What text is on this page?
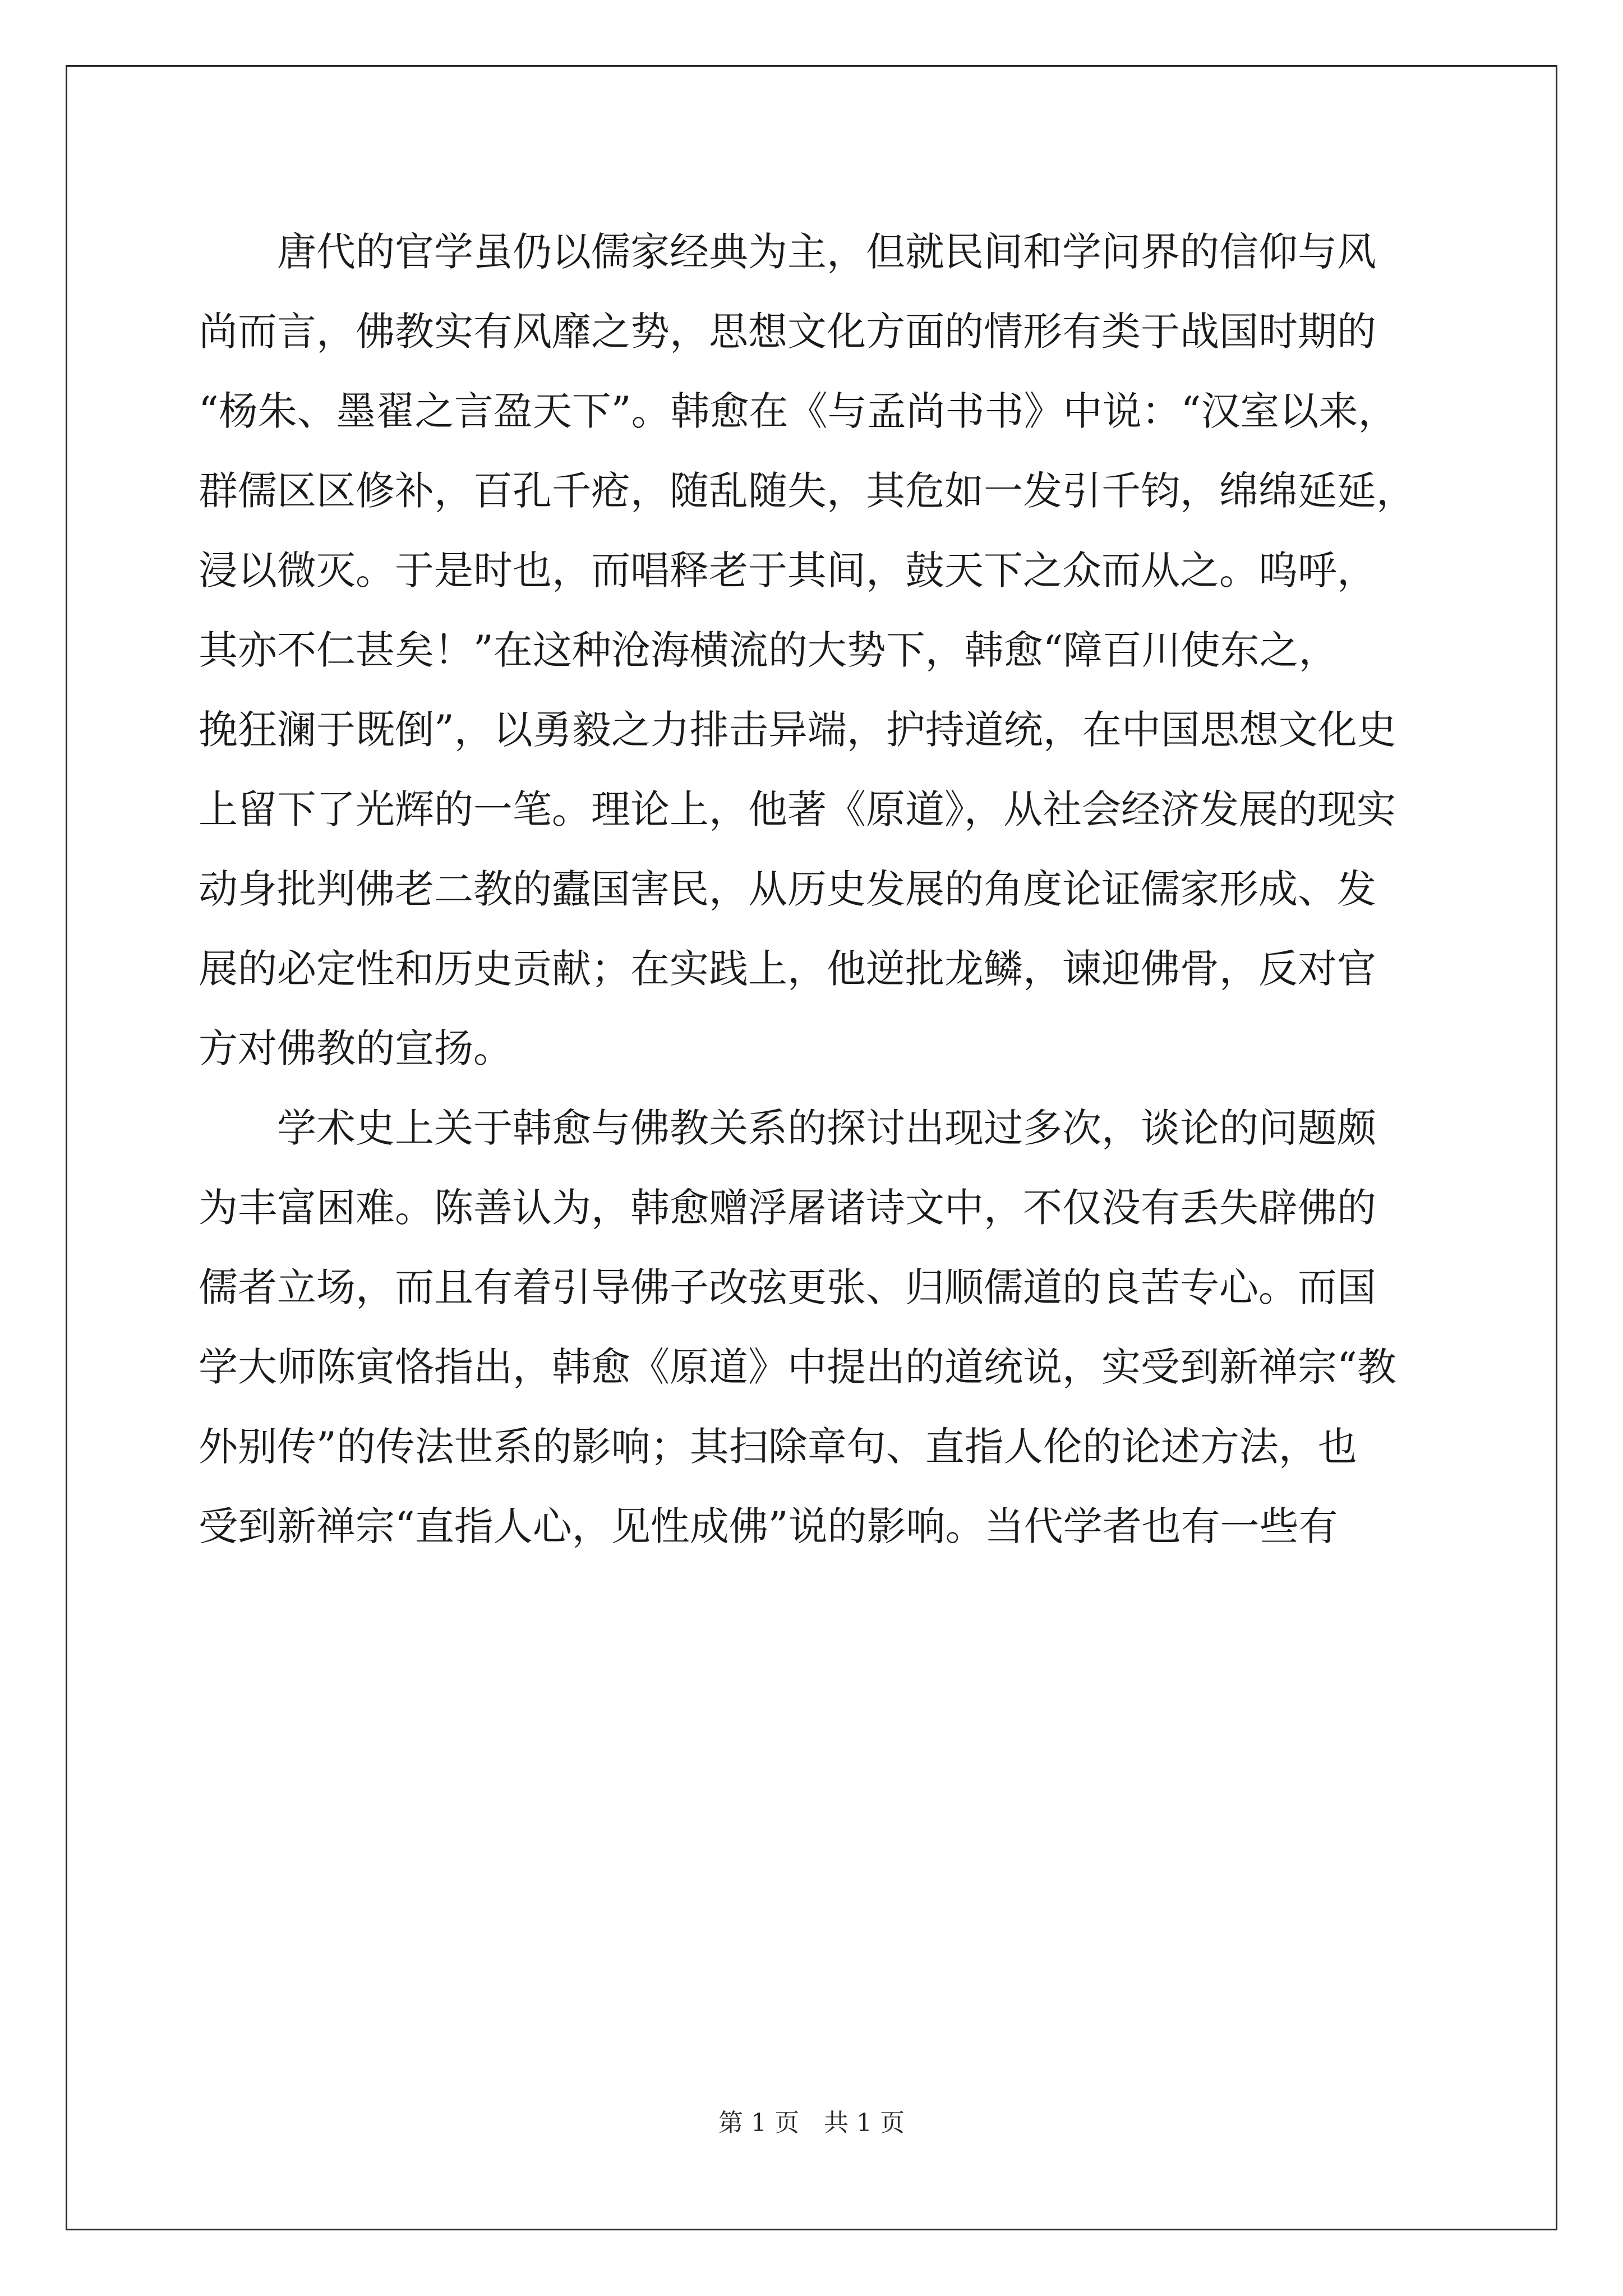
唐代的官学虽仍以儒家经典为主，但就民间和学问界的信仰与风
尚而言，佛教实有风靡之势，思想文化方面的情形有类于战国时期的
“杨朱、墨翟之言盈天下”。韩愈在《与孟尚书书》中说：“汉室以来，
群儒区区修补，百孔千疮，随乱随失，其危如一发引千钧，绵绵延延，
浸以微灭。于是时也，而唱释老于其间，鼓天下之众而从之。呜呼，
其亦不仁甚矣！”在这种沧海横流的大势下，韩愈“障百川使东之，
挽狂澜于既倒”，以勇毅之力排击异端，护持道统，在中国思想文化史
上留下了光辉的一笔。理论上，他著《原道》，从社会经济发展的现实
动身批判佛老二教的蠹国害民，从历史发展的角度论证儒家形成、发
展的必定性和历史贡献；在实践上，他逆批龙鳞，谏迎佛骨，反对官
方对佛教的宣扬。
学术史上关于韩愈与佛教关系的探讨出现过多次，谈论的问题颇
为丰富困难。陈善认为，韩愈赠浮屠诸诗文中，不仅没有丢失辟佛的
儒者立场，而且有着引导佛子改弦更张、归顺儒道的良苦专心。而国
学大师陈寅恪指出，韩愈《原道》中提出的道统说，实受到新禅宗“教
外别传”的传法世系的影响；其扫除章句、直指人伦的论述方法，也
受到新禅宗“直指人心，见性成佛”说的影响。当代学者也有一些有
第 1 页　共 1 页
